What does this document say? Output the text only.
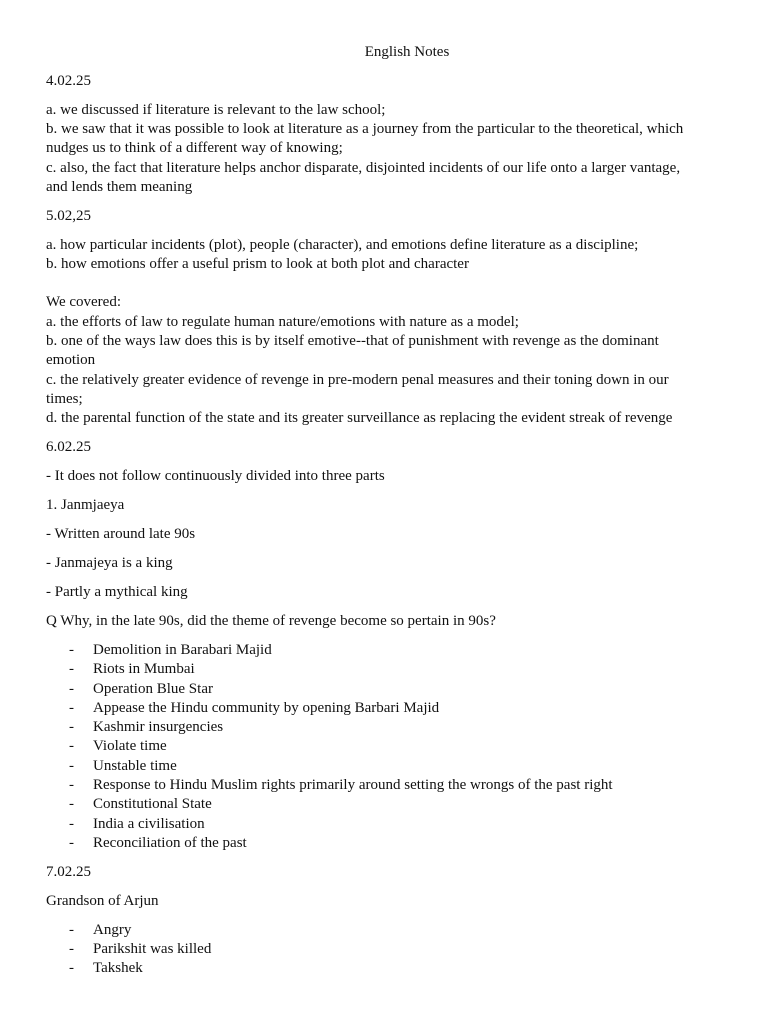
English Notes
4.02.25
a. we discussed if literature is relevant to the law school;
b. we saw that it was possible to look at literature as a journey from the particular to the theoretical, which
nudges us to think of a different way of knowing;
c. also, the fact that literature helps anchor disparate, disjointed incidents of our life onto a larger vantage,
and lends them meaning
5.02,25
a. how particular incidents (plot), people (character), and emotions define literature as a discipline;
b. how emotions offer a useful prism to look at both plot and character
We covered:
a. the efforts of law to regulate human nature/emotions with nature as a model;
b. one of the ways law does this is by itself emotive--that of punishment with revenge as the dominant
emotion
c. the relatively greater evidence of revenge in pre-modern penal measures and their toning down in our
times;
d. the parental function of the state and its greater surveillance as replacing the evident streak of revenge
6.02.25
- It does not follow continuously divided into three parts
1. Janmjaeya
- Written around late 90s
- Janmajeya is a king
- Partly a mythical king
Q Why, in the late 90s, did the theme of revenge become so pertain in 90s?
- Demolition in Barabari Majid
- Riots in Mumbai
- Operation Blue Star
- Appease the Hindu community by opening Barbari Majid
- Kashmir insurgencies
- Violate time
- Unstable time
- Response to Hindu Muslim rights primarily around setting the wrongs of the past right
- Constitutional State
- India a civilisation
- Reconciliation of the past
7.02.25
Grandson of Arjun
- Angry
- Parikshit was killed
- Takshek
